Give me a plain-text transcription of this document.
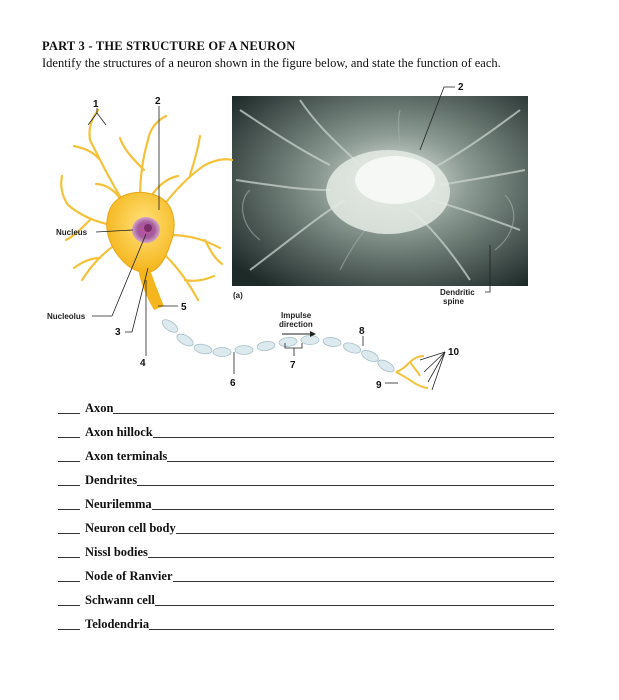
PART 3 - THE STRUCTURE OF A NEURON
Identify the structures of a neuron shown in the figure below, and state the function of each.
Nucleus
Nucleolus	Impulse
direction
(a)	Dendritic
spine
1	2
2
3
4
5
6
7
8
9
10
Axon
Axon hillock
Axon terminals
Dendrites
Neurilemma
Neuron cell body
Nissl bodies
Node of Ranvier
Schwann cell
Telodendria
